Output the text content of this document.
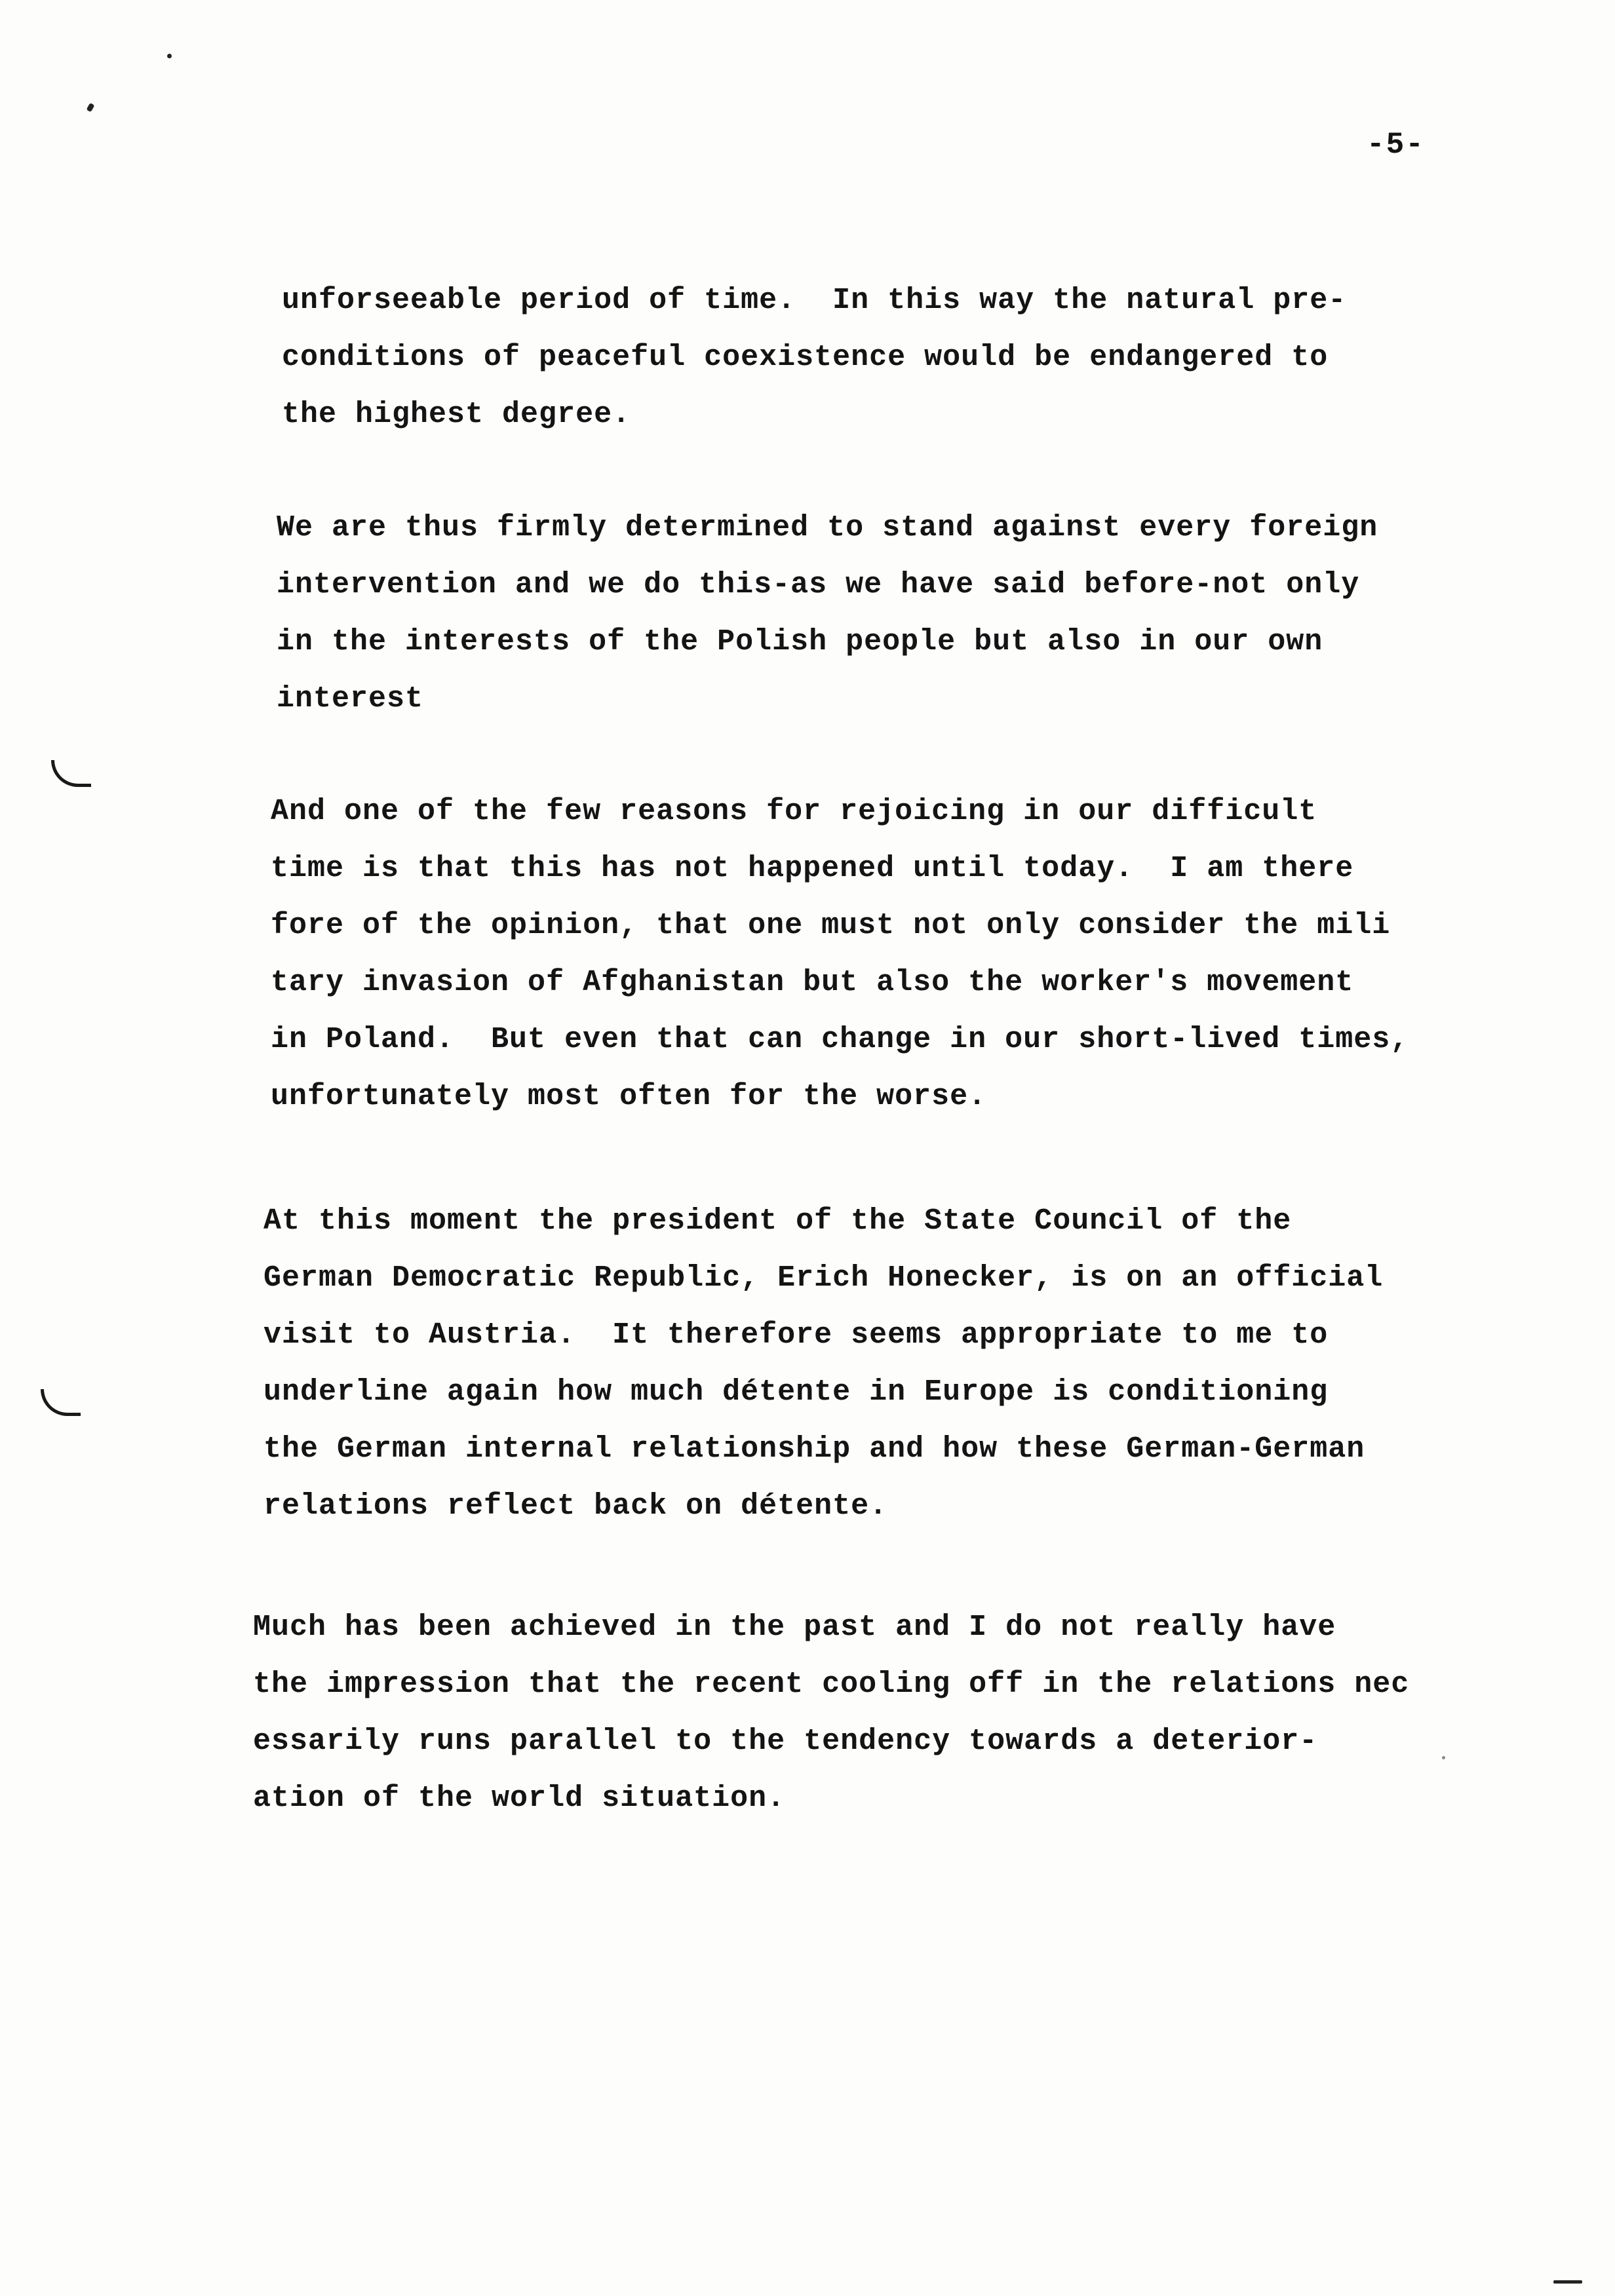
-5-
unforseeable period of time.  In this way the natural pre-
conditions of peaceful coexistence would be endangered to
the highest degree.
We are thus firmly determined to stand against every foreign
intervention and we do this-as we have said before-not only
in the interests of the Polish people but also in our own
interest
And one of the few reasons for rejoicing in our difficult
time is that this has not happened until today.  I am there
fore of the opinion, that one must not only consider the mili
tary invasion of Afghanistan but also the worker's movement
in Poland.  But even that can change in our short-lived times,
unfortunately most often for the worse.
At this moment the president of the State Council of the
German Democratic Republic, Erich Honecker, is on an official
visit to Austria.  It therefore seems appropriate to me to
underline again how much détente in Europe is conditioning
the German internal relationship and how these German-German
relations reflect back on détente.
Much has been achieved in the past and I do not really have
the impression that the recent cooling off in the relations nec
essarily runs parallel to the tendency towards a deterior-
ation of the world situation.
